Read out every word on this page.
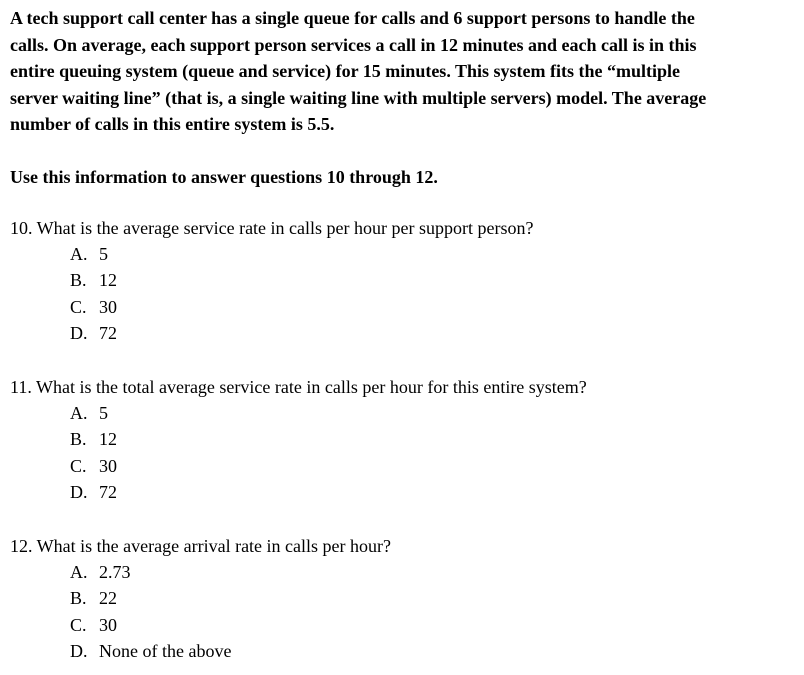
A tech support call center has a single queue for calls and 6 support persons to handle the
calls. On average, each support person services a call in 12 minutes and each call is in this
entire queuing system (queue and service) for 15 minutes. This system fits the “multiple
server waiting line” (that is, a single waiting line with multiple servers) model. The average
number of calls in this entire system is 5.5.

Use this information to answer questions 10 through 12.

10. What is the average service rate in calls per hour per support person?
A. 5
B. 12
C. 30
D. 72
11. What is the total average service rate in calls per hour for this entire system?
A. 5
B. 12
C. 30
D. 72
12. What is the average arrival rate in calls per hour?
A. 2.73
B. 22
C. 30
D. None of the above
